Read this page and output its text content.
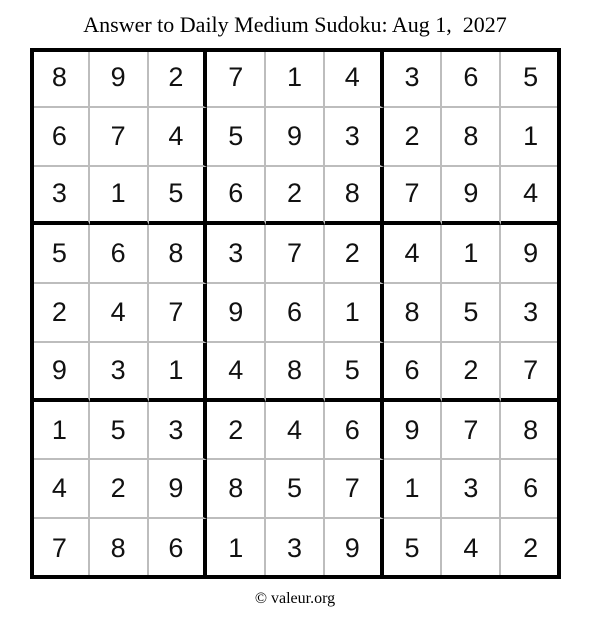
Answer to Daily Medium Sudoku: Aug 1,  2027
8	9	2	7	1	4	3	6	5
6	7	4	5	9	3	2	8	1
3	1	5	6	2	8	7	9	4
5	6	8	3	7	2	4	1	9
2	4	7	9	6	1	8	5	3
9	3	1	4	8	5	6	2	7
1	5	3	2	4	6	9	7	8
4	2	9	8	5	7	1	3	6
7	8	6	1	3	9	5	4	2
© valeur.org
